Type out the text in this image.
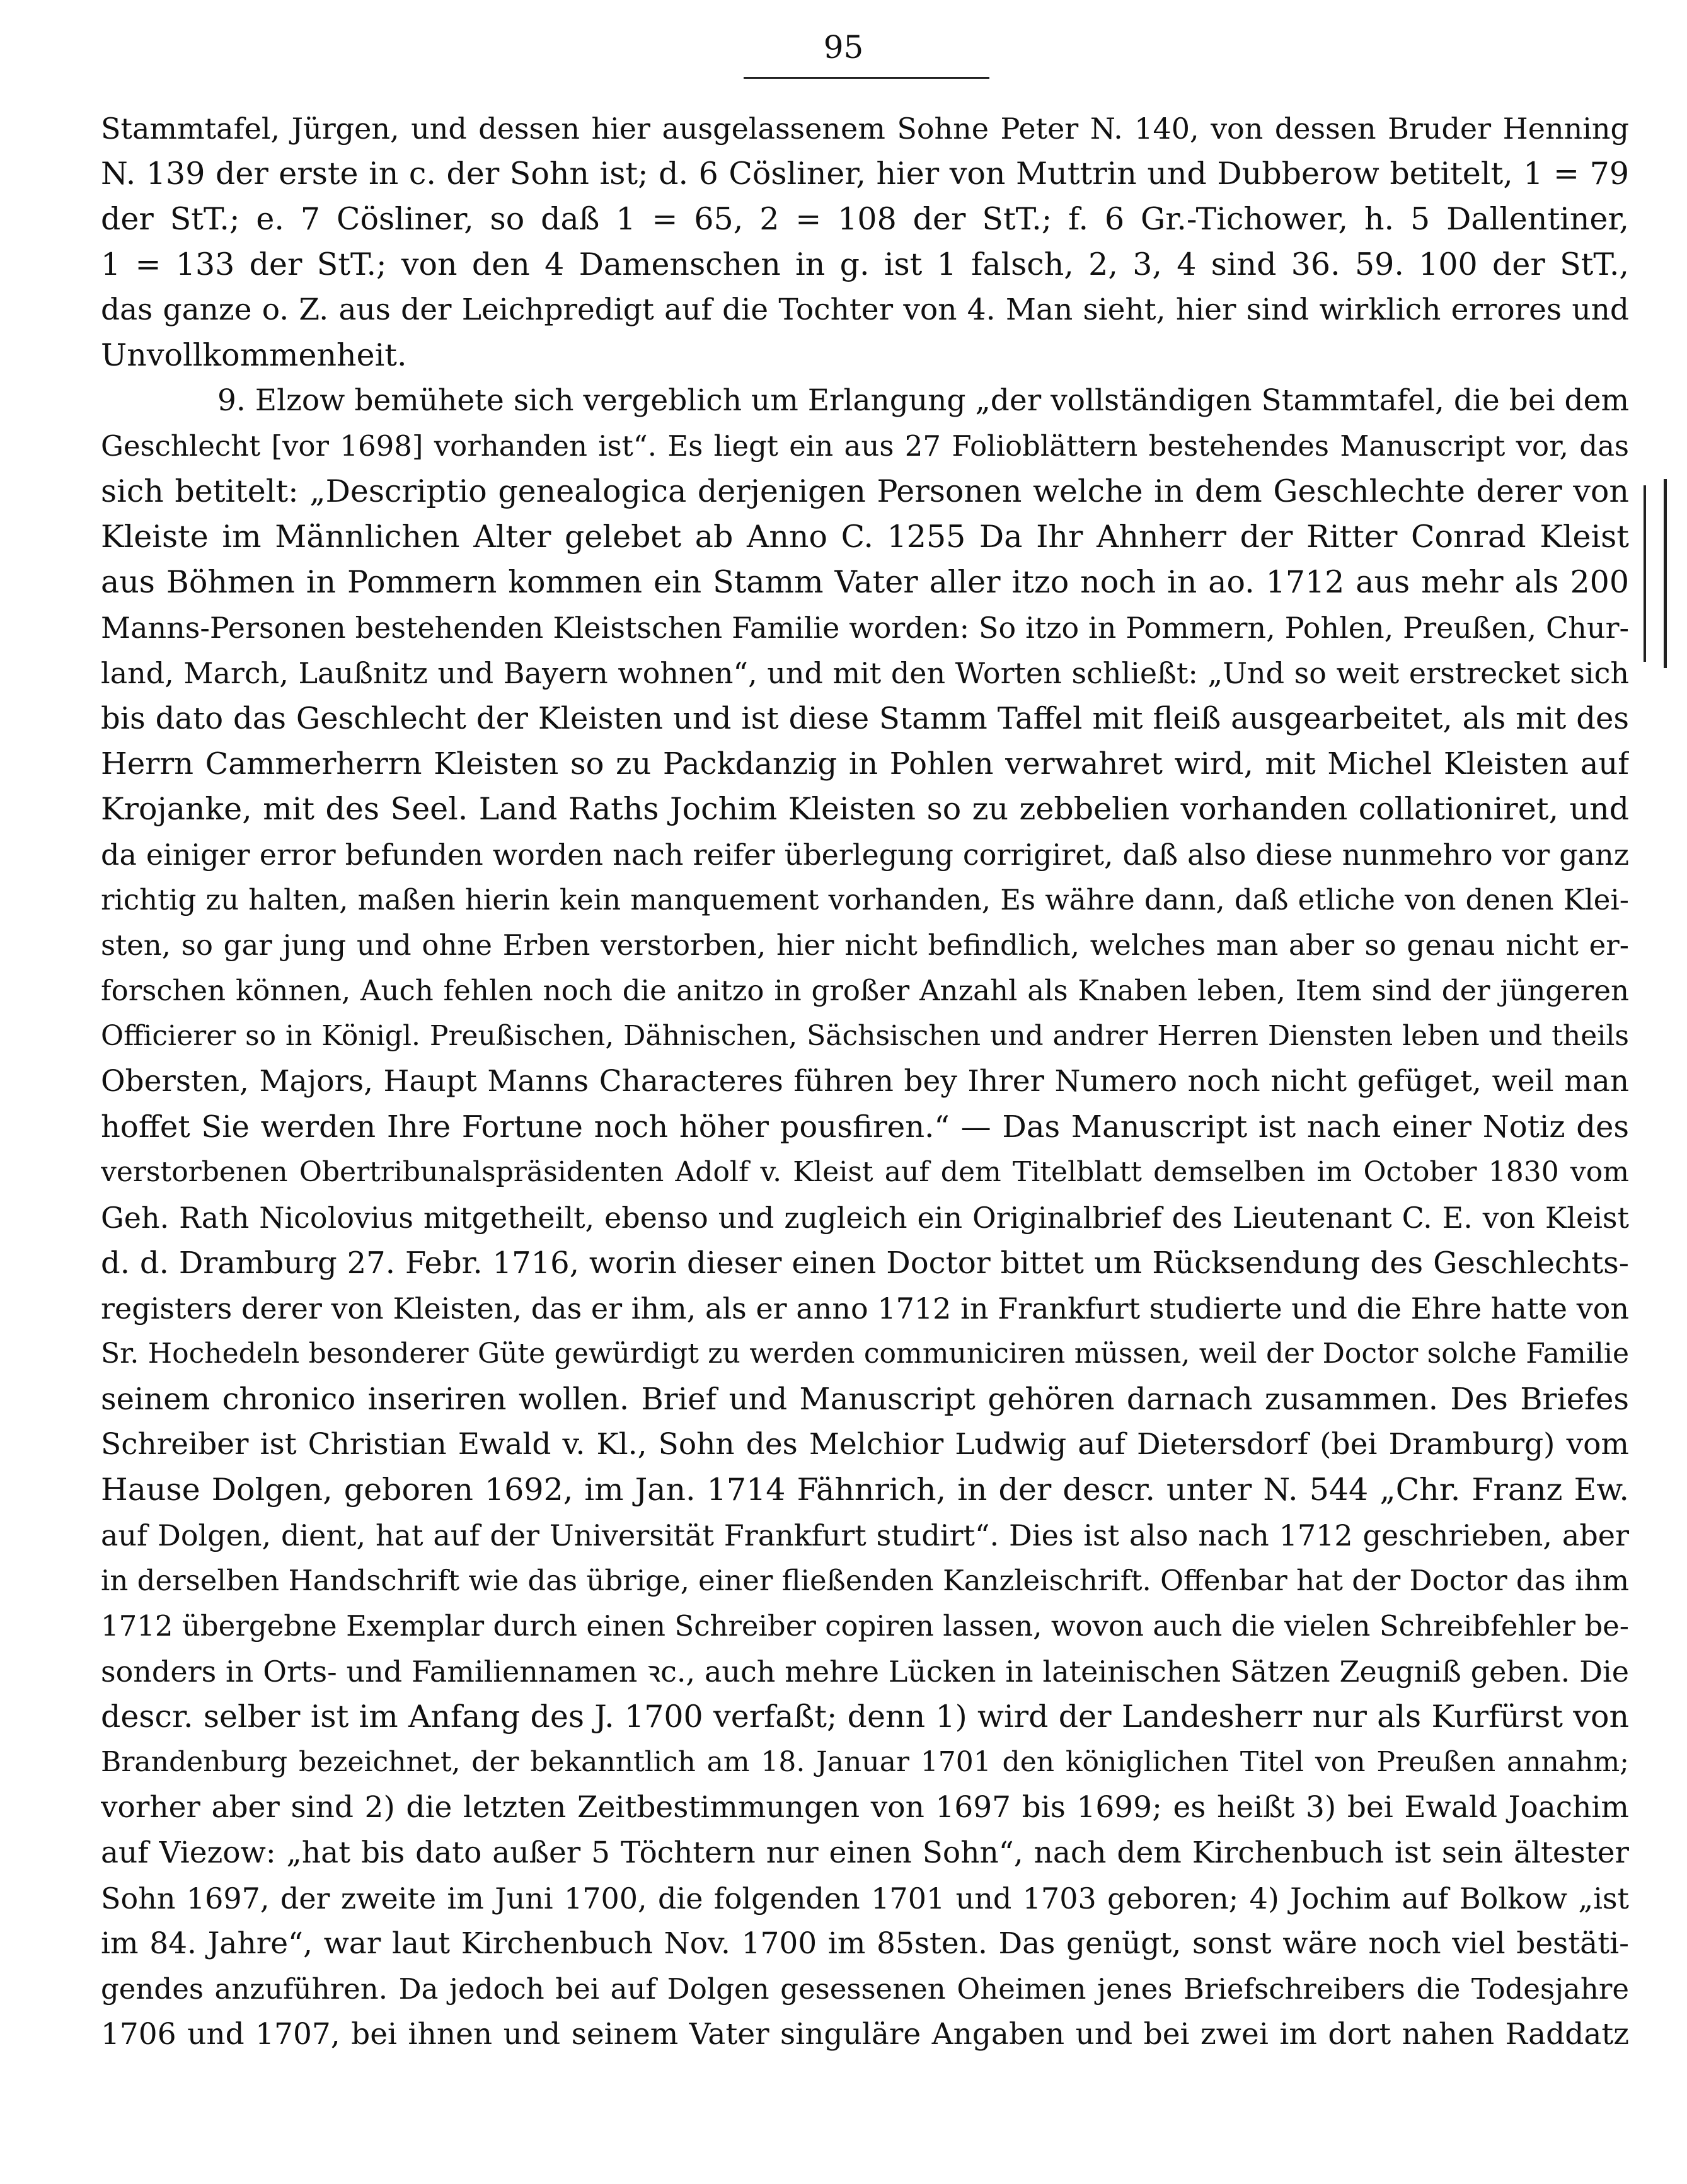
95
Stammtafel, Jürgen, und dessen hier ausgelassenem Sohne Peter N. 140, von dessen Bruder Henning
N. 139 der erste in c. der Sohn ist; d. 6 Cösliner, hier von Muttrin und Dubberow betitelt, 1 = 79
der StT.; e. 7 Cösliner, so daß 1 = 65, 2 = 108 der StT.; f. 6 Gr.-Tichower, h. 5 Dallentiner,
1 = 133 der StT.; von den 4 Damenschen in g. ist 1 falsch, 2, 3, 4 sind 36. 59. 100 der StT.,
das ganze o. Z. aus der Leichpredigt auf die Tochter von 4. Man sieht, hier sind wirklich errores und
Unvollkommenheit.
9. Elzow bemühete sich vergeblich um Erlangung „der vollständigen Stammtafel, die bei dem
Geschlecht [vor 1698] vorhanden ist“. Es liegt ein aus 27 Folioblättern bestehendes Manuscript vor, das
sich betitelt: „Descriptio genealogica derjenigen Personen welche in dem Geschlechte derer von
Kleiste im Männlichen Alter gelebet ab Anno C. 1255 Da Ihr Ahnherr der Ritter Conrad Kleist
aus Böhmen in Pommern kommen ein Stamm Vater aller itzo noch in ao. 1712 aus mehr als 200
Manns-Personen bestehenden Kleistschen Familie worden: So itzo in Pommern, Pohlen, Preußen, Chur-
land, March, Laußnitz und Bayern wohnen“, und mit den Worten schließt: „Und so weit erstrecket sich
bis dato das Geschlecht der Kleisten und ist diese Stamm Taffel mit fleiß ausgearbeitet, als mit des
Herrn Cammerherrn Kleisten so zu Packdanzig in Pohlen verwahret wird, mit Michel Kleisten auf
Krojanke, mit des Seel. Land Raths Jochim Kleisten so zu zebbelien vorhanden collationiret, und
da einiger error befunden worden nach reifer überlegung corrigiret, daß also diese nunmehro vor ganz
richtig zu halten, maßen hierin kein manquement vorhanden, Es währe dann, daß etliche von denen Klei-
sten, so gar jung und ohne Erben verstorben, hier nicht befindlich, welches man aber so genau nicht er-
forschen können, Auch fehlen noch die anitzo in großer Anzahl als Knaben leben, Item sind der jüngeren
Officierer so in Königl. Preußischen, Dähnischen, Sächsischen und andrer Herren Diensten leben und theils
Obersten, Majors, Haupt Manns Characteres führen bey Ihrer Numero noch nicht gefüget, weil man
hoffet Sie werden Ihre Fortune noch höher pousfiren.“ — Das Manuscript ist nach einer Notiz des
verstorbenen Obertribunalspräsidenten Adolf v. Kleist auf dem Titelblatt demselben im October 1830 vom
Geh. Rath Nicolovius mitgetheilt, ebenso und zugleich ein Originalbrief des Lieutenant C. E. von Kleist
d. d. Dramburg 27. Febr. 1716, worin dieser einen Doctor bittet um Rücksendung des Geschlechts-
registers derer von Kleisten, das er ihm, als er anno 1712 in Frankfurt studierte und die Ehre hatte von
Sr. Hochedeln besonderer Güte gewürdigt zu werden communiciren müssen, weil der Doctor solche Familie
seinem chronico inseriren wollen. Brief und Manuscript gehören darnach zusammen. Des Briefes
Schreiber ist Christian Ewald v. Kl., Sohn des Melchior Ludwig auf Dietersdorf (bei Dramburg) vom
Hause Dolgen, geboren 1692, im Jan. 1714 Fähnrich, in der descr. unter N. 544 „Chr. Franz Ew.
auf Dolgen, dient, hat auf der Universität Frankfurt studirt“. Dies ist also nach 1712 geschrieben, aber
in derselben Handschrift wie das übrige, einer fließenden Kanzleischrift. Offenbar hat der Doctor das ihm
1712 übergebne Exemplar durch einen Schreiber copiren lassen, wovon auch die vielen Schreibfehler be-
sonders in Orts- und Familiennamen ꝛc., auch mehre Lücken in lateinischen Sätzen Zeugniß geben. Die
descr. selber ist im Anfang des J. 1700 verfaßt; denn 1) wird der Landesherr nur als Kurfürst von
Brandenburg bezeichnet, der bekanntlich am 18. Januar 1701 den königlichen Titel von Preußen annahm;
vorher aber sind 2) die letzten Zeitbestimmungen von 1697 bis 1699; es heißt 3) bei Ewald Joachim
auf Viezow: „hat bis dato außer 5 Töchtern nur einen Sohn“, nach dem Kirchenbuch ist sein ältester
Sohn 1697, der zweite im Juni 1700, die folgenden 1701 und 1703 geboren; 4) Jochim auf Bolkow „ist
im 84. Jahre“, war laut Kirchenbuch Nov. 1700 im 85sten. Das genügt, sonst wäre noch viel bestäti-
gendes anzuführen. Da jedoch bei auf Dolgen gesessenen Oheimen jenes Briefschreibers die Todesjahre
1706 und 1707, bei ihnen und seinem Vater singuläre Angaben und bei zwei im dort nahen Raddatz
